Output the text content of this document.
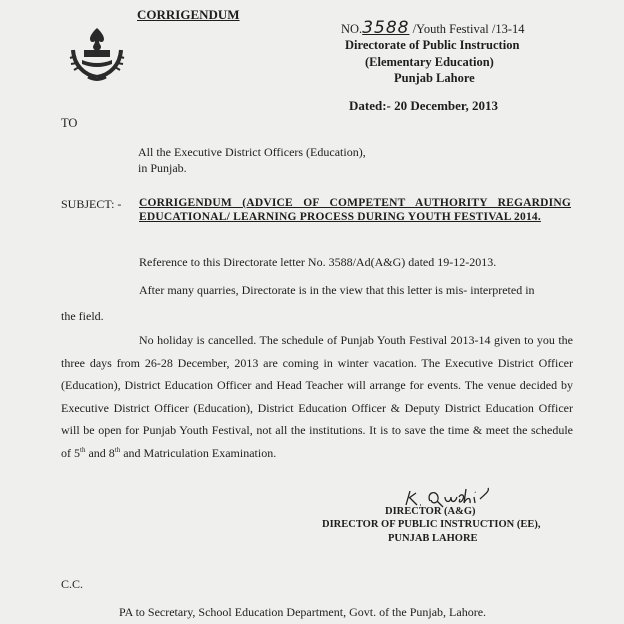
CORRIGENDUM
NO.3588 /Youth Festival /13-14
Directorate of Public Instruction
(Elementary Education)
Punjab Lahore
Dated:- 20 December, 2013
TO
All the Executive District Officers (Education),
in Punjab.
SUBJECT: - CORRIGENDUM (ADVICE OF COMPETENT AUTHORITY REGARDING EDUCATIONAL/ LEARNING PROCESS DURING YOUTH FESTIVAL 2014.
Reference to this Directorate letter No. 3588/Ad(A&G) dated 19-12-2013.
After many quarries, Directorate is in the view that this letter is mis- interpreted in
the field.
No holiday is cancelled. The schedule of Punjab Youth Festival 2013-14 given to you the three days from 26-28 December, 2013 are coming in winter vacation. The Executive District Officer (Education), District Education Officer and Head Teacher will arrange for events. The venue decided by Executive District Officer (Education), District Education Officer & Deputy District Education Officer will be open for Punjab Youth Festival, not all the institutions. It is to save the time & meet the schedule of 5th and 8th and Matriculation Examination.
DIRECTOR (A&G)
DIRECTOR OF PUBLIC INSTRUCTION (EE),
PUNJAB LAHORE
C.C.
PA to Secretary, School Education Department, Govt. of the Punjab, Lahore.
